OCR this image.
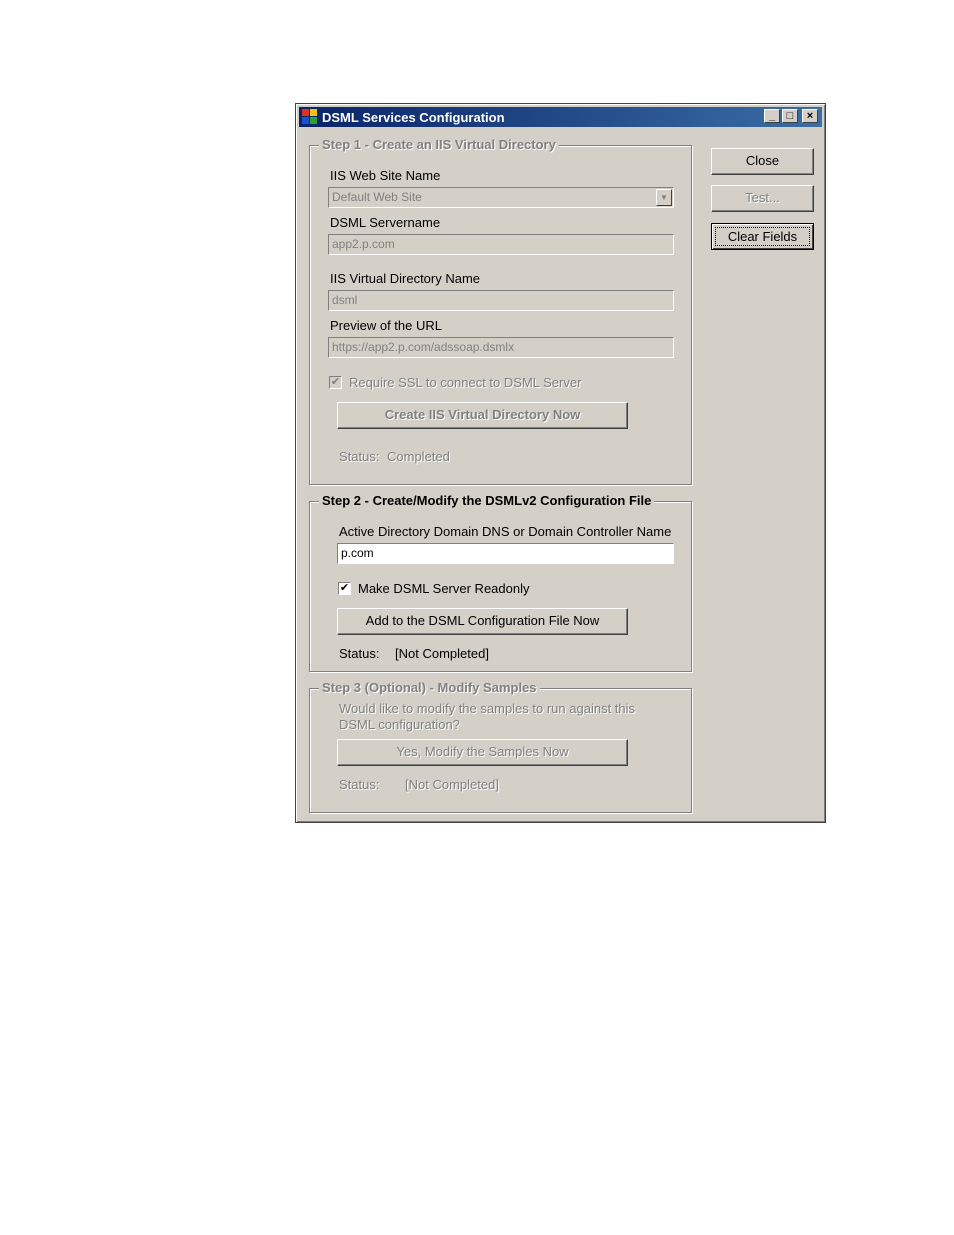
DSML Services Configuration	_	□	×
Close
Test...
Clear Fields
Step 1 - Create an IIS Virtual Directory
IIS Web Site Name
Default Web Site	▼
DSML Servername
app2.p.com
IIS Virtual Directory Name
dsml
Preview of the URL
https://app2.p.com/adssoap.dsmlx
✔ Require SSL to connect to DSML Server
Create IIS Virtual Directory Now
Status: Completed
Step 2 - Create/Modify the DSMLv2 Configuration File
Active Directory Domain DNS or Domain Controller Name
p.com
✔ Make DSML Server Readonly
Add to the DSML Configuration File Now
Status: [Not Completed]
Step 3 (Optional) - Modify Samples
Would like to modify the samples to run against this
DSML configuration?
Yes, Modify the Samples Now
Status: [Not Completed]
